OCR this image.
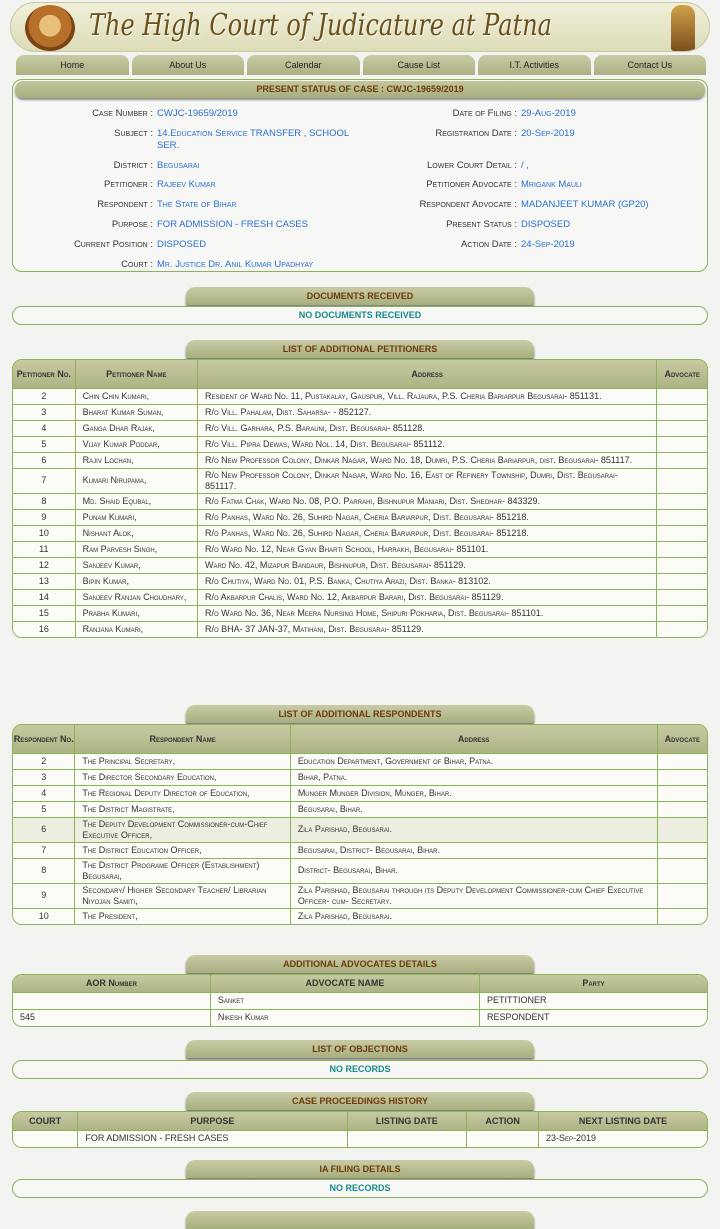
The High Court of Judicature at Patna
Home	About Us	Calendar	Cause List	I.T. Activities	Contact Us
PRESENT STATUS OF CASE : CWJC-19659/2019
Case Number : CWJC-19659/2019
Subject : 14.Education Service TRANSFER , SCHOOL SER.
District : Begusarai
Petitioner : Rajeev Kumar
Respondent : The State of Bihar
Purpose : FOR ADMISSION - FRESH CASES
Current Position : DISPOSED
Court : Mr. Justice Dr. Anil Kumar Upadhyay
Date of Filing : 29-Aug-2019
Registration Date : 20-Sep-2019
Lower Court Detail : / ,
Petitioner Advocate : Mrigank Mauli
Respondent Advocate : MADANJEET KUMAR (GP20)
Present Status : DISPOSED
Action Date : 24-Sep-2019
DOCUMENTS RECEIVED
NO DOCUMENTS RECEIVED
LIST OF ADDITIONAL PETITIONERS
Petitioner No.	Petitioner Name	Address	Advocate
2	Chin Chin Kumari,	Resident of Ward No. 11, Pustakalay, Gauspur, Vill. Rajaura, P.S. Cheria Bariarpur Begusarai- 851131.	
3	Bharat Kumar Suman,	R/o Vill. Pahalam, Dist. Saharsa- - 852127.	
4	Ganga Dhar Rajak,	R/o Vill. Garhara, P.S. Barauni, Dist. Begusarai- 851128.	
5	Vijay Kumar Poddar,	R/o Vill. Pipra Dewas, Ward Nol. 14, Dist. Begusarai- 851112.	
6	Rajiv Lochan,	R/o New Professor Colony, Dinkar Nagar, Ward No. 18, Dumri, P.S. Cheria Bariarpur, dist. Begusarai- 851117.	
7	Kumari Nirupama,	R/o New Professor Colony, Dinkar Nagar, Ward No. 16, East of Refinery Township, Dumri, Dist. Begusarai- 851117.	
8	Md. Shaid Equbal,	R/o Fatma Chak, Ward No. 08, P.O. Parrahi, Bishnupur Maniari, Dist. Sheohar- 843329.	
9	Punam Kumari,	R/o Panhas, Ward No. 26, Suhird Nagar, Cheria Bariarpur, Dist. Begusarai- 851218.	
10	Nishant Alok,	R/o Panhas, Ward No. 26, Suhird Nagar, Cheria Bariarpur, Dist. Begusarai- 851218.	
11	Ram Parvesh Singh,	R/o Ward No. 12, Near Gyan Bharti School, Harrakh, Begusarai- 851101.	
12	Sanjeev Kumar,	Ward No. 42, Mizapur Bandaur, Bishnupur, Dist. Begusarai- 851129.	
13	Bipin Kumar,	R/o Chutiya, Ward No. 01, P.S. Banka, Chutiya Arazi, Dist. Banka- 813102.	
14	Sanjeev Ranjan Choudhary,	R/o Akbarpur Chalis, Ward No. 12, Akbarpur Barari, Dist. Begusarai- 851129.	
15	Prabha Kumari,	R/o Ward No. 36, Near Meera Nursing Home, Shipuri Pokharia, Dist. Begusarai- 851101.	
16	Ranjana Kumari,	R/o BHA- 37 JAN-37, Matihani, Dist. Begusarai- 851129.	
LIST OF ADDITIONAL RESPONDENTS
Respondent No.	Respondent Name	Address	Advocate
2	The Principal Secretary,	Education Department, Government of Bihar, Patna.	
3	The Director Secondary Education,	Bihar, Patna.	
4	The Regional Deputy Director of Education,	Munger Munger Division, Munger, Bihar.	
5	The District Magistrate,	Begusarai, Bihar.	
6	The Deputy Development Commissioner-cum-Chief Executive Officer,	Zila Parishad, Begusarai.	
7	The District Education Officer,	Begusarai, District- Begusarai, Bihar.	
8	The District Programe Officer (Establishment) Begusarai,	District- Begusarai, Bihar.	
9	Secondary/ Higher Secondary Teacher/ Librarian Niyojan Samiti,	Zila Parishad, Begusarai through its Deputy Development Commissioner-cum Chief Executive Officer- cum- Secretary.	
10	The President,	Zila Parishad, Begusarai.	
ADDITIONAL ADVOCATES DETAILS
AOR Number	ADVOCATE NAME	Party
	Sanket	PETITTIONER
545	Nikesh Kumar	RESPONDENT
LIST OF OBJECTIONS
NO RECORDS
CASE PROCEEDINGS HISTORY
COURT	PURPOSE	LISTING DATE	ACTION	NEXT LISTING DATE
	FOR ADMISSION - FRESH CASES			23-Sep-2019
IA FILING DETAILS
NO RECORDS
